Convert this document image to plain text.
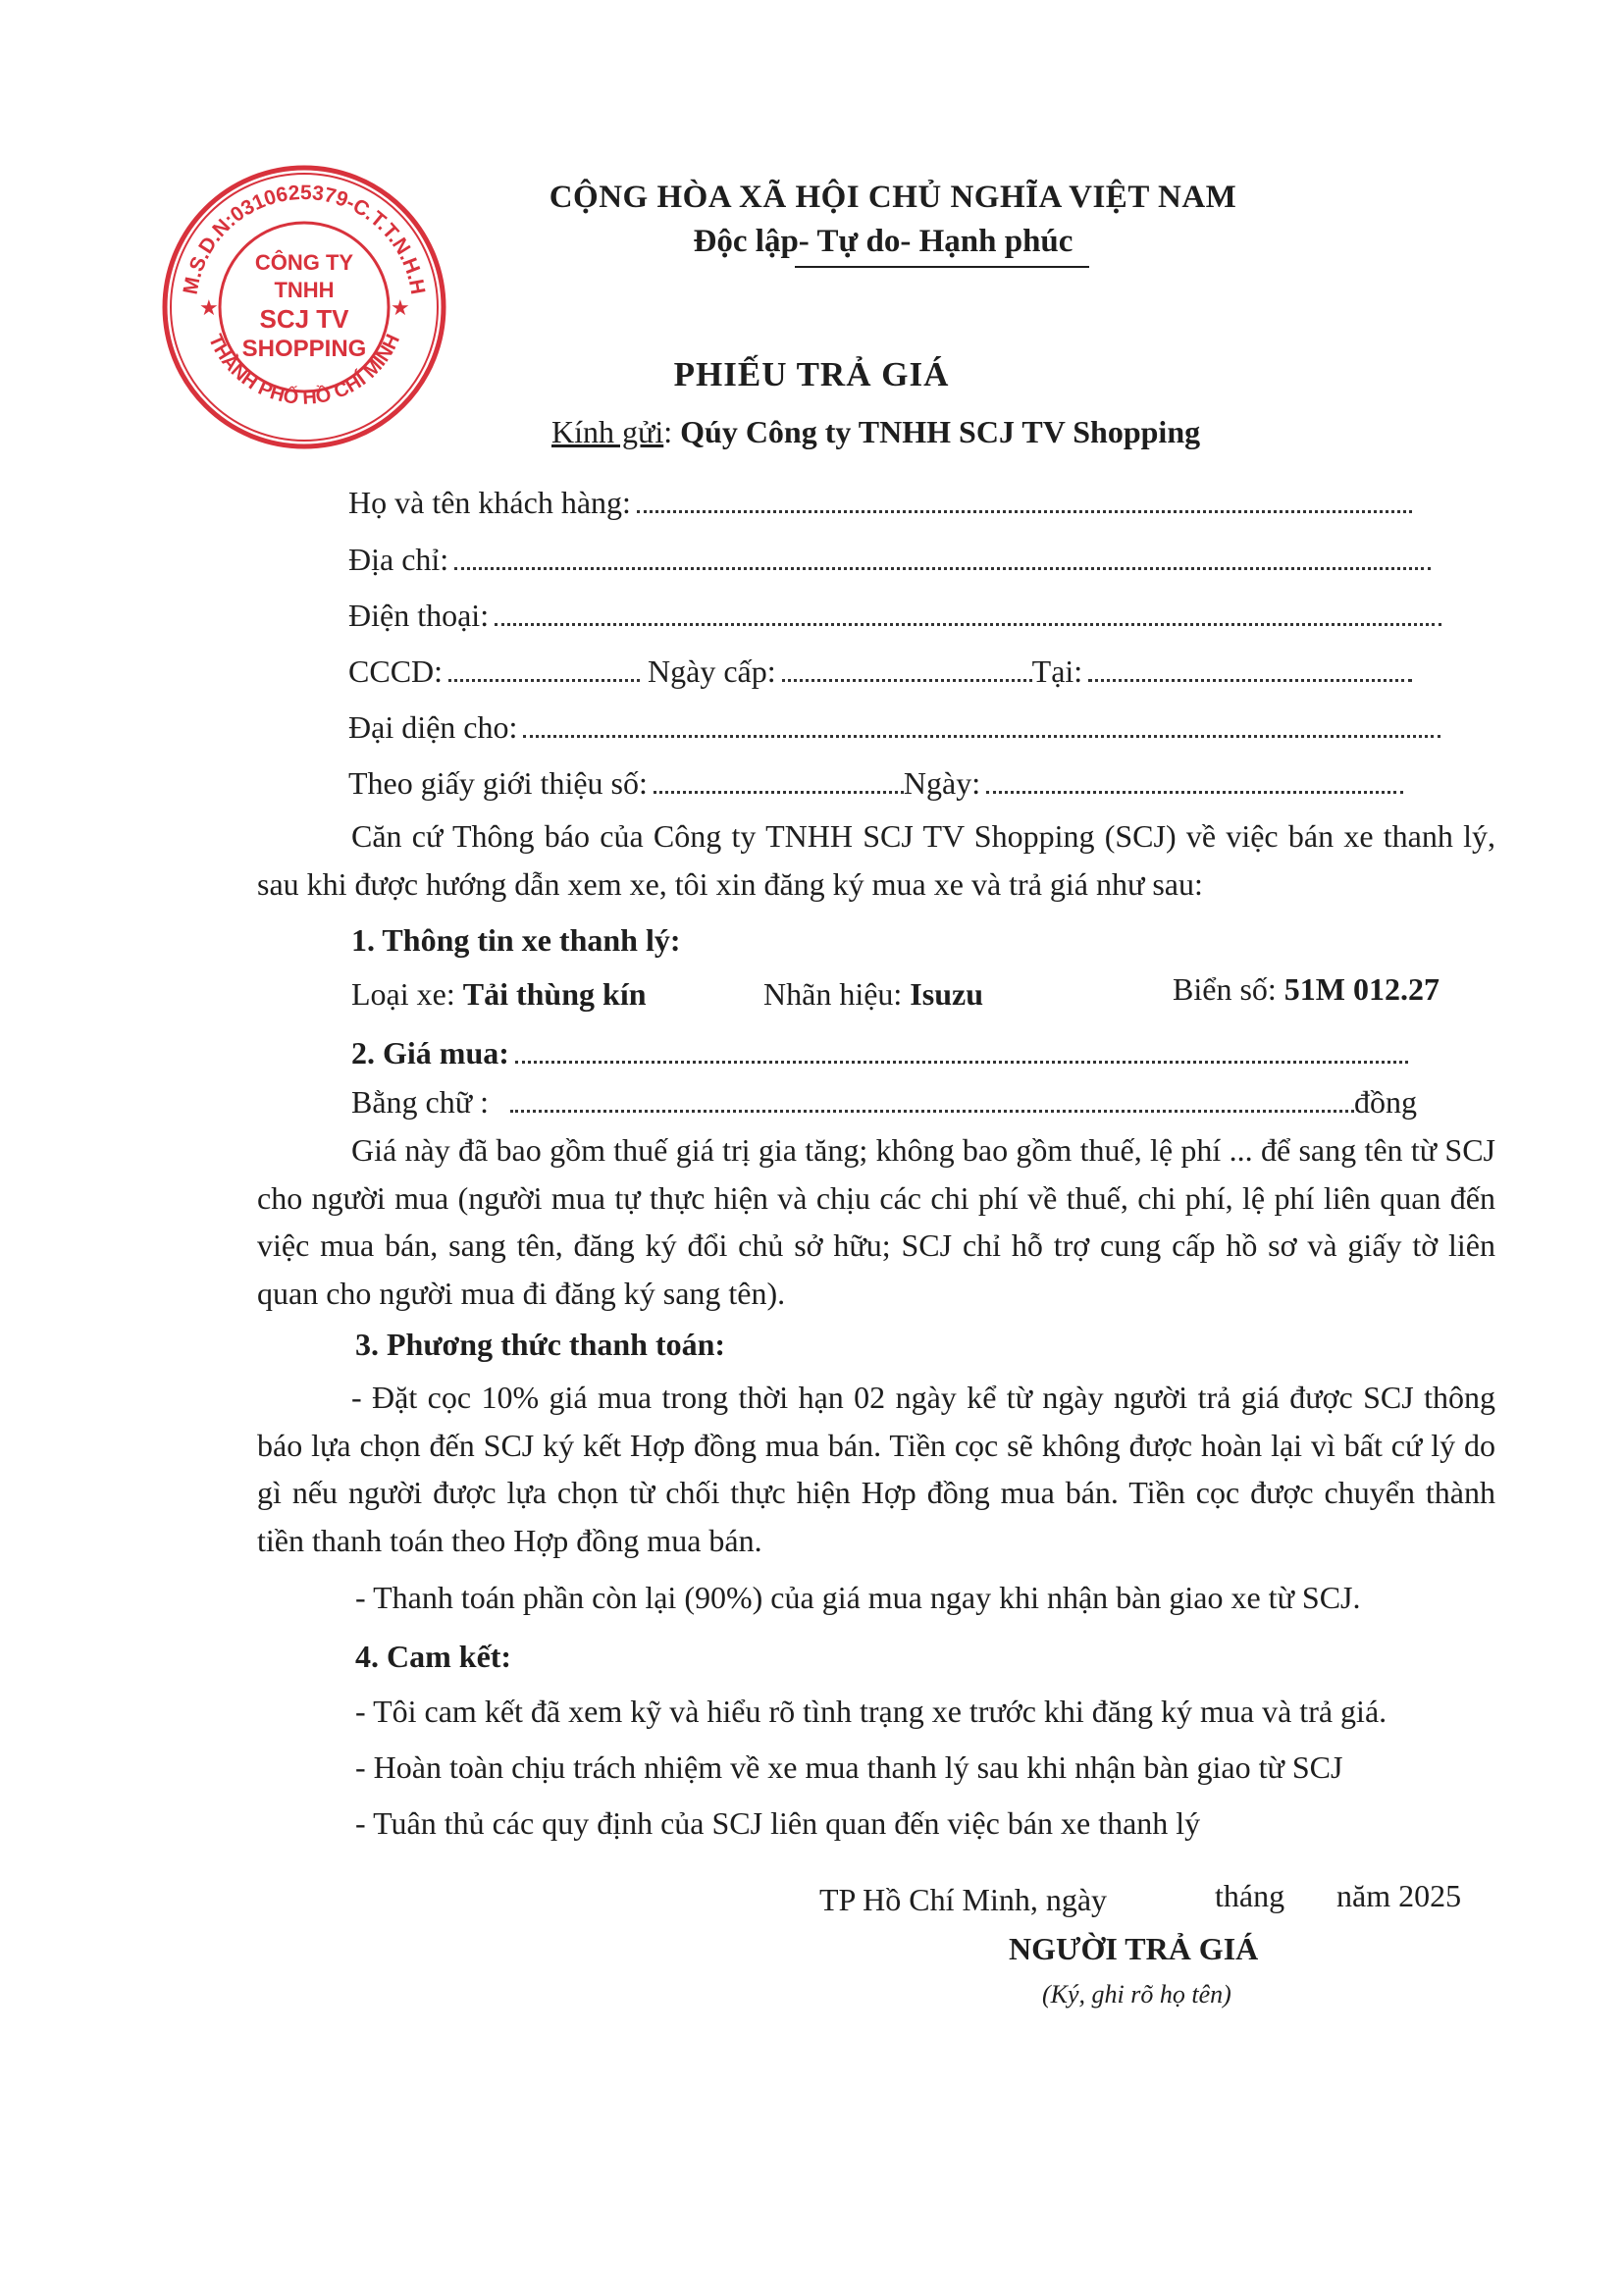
M.S.D.N:0310625379-C.T.T.N.H.H
THÀNH PHỐ HỒ CHÍ MINH
★	★
CÔNG TY
TNHH
SCJ TV
SHOPPING
CỘNG HÒA XÃ HỘI CHỦ NGHĨA VIỆT NAM
Độc lập- Tự do- Hạnh phúc
PHIẾU TRẢ GIÁ
Kính gửi: Qúy Công ty TNHH SCJ TV Shopping
Họ và tên khách hàng:
Địa chỉ:
Điện thoại:
CCCD:	Ngày cấp:	Tại:
Đại diện cho:
Theo giấy giới thiệu số:	Ngày:
Căn cứ Thông báo của Công ty TNHH SCJ TV Shopping (SCJ) về việc bán xe thanh lý, sau khi được hướng dẫn xem xe, tôi xin đăng ký mua xe và trả giá như sau:
1. Thông tin xe thanh lý:
Loại xe: Tải thùng kín	Nhãn hiệu: Isuzu	Biển số: 51M 012.27
2. Giá mua:
Bằng chữ :	đồng
Giá này đã bao gồm thuế giá trị gia tăng; không bao gồm thuế, lệ phí ... để sang tên từ SCJ cho người mua (người mua tự thực hiện và chịu các chi phí về thuế, chi phí, lệ phí liên quan đến việc mua bán, sang tên, đăng ký đổi chủ sở hữu; SCJ chỉ hỗ trợ cung cấp hồ sơ và giấy tờ liên quan cho người mua đi đăng ký sang tên).
3. Phương thức thanh toán:
- Đặt cọc 10% giá mua trong thời hạn 02 ngày kể từ ngày người trả giá được SCJ thông báo lựa chọn đến SCJ ký kết Hợp đồng mua bán. Tiền cọc sẽ không được hoàn lại vì bất cứ lý do gì nếu người được lựa chọn từ chối thực hiện Hợp đồng mua bán. Tiền cọc được chuyển thành tiền thanh toán theo Hợp đồng mua bán.
- Thanh toán phần còn lại (90%) của giá mua ngay khi nhận bàn giao xe từ SCJ.
4. Cam kết:
- Tôi cam kết đã xem kỹ và hiểu rõ tình trạng xe trước khi đăng ký mua và trả giá.
- Hoàn toàn chịu trách nhiệm về xe mua thanh lý sau khi nhận bàn giao từ SCJ
- Tuân thủ các quy định của SCJ liên quan đến việc bán xe thanh lý
TP Hồ Chí Minh, ngày	tháng năm 2025
NGƯỜI TRẢ GIÁ
(Ký, ghi rõ họ tên)
